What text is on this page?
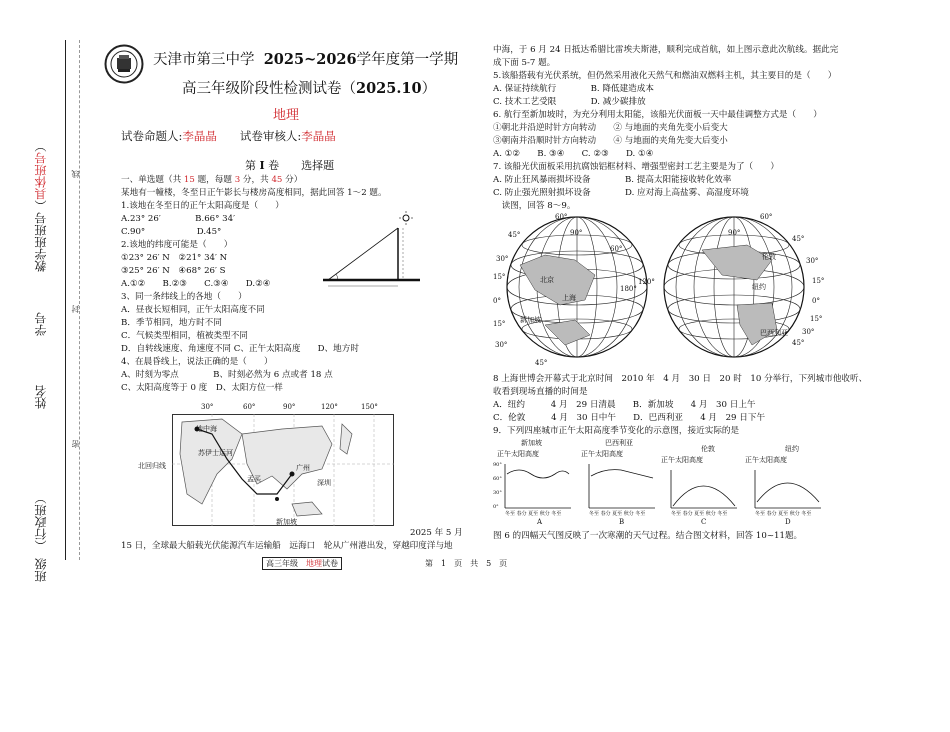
班级　（行政班）
姓名
学号
教学班班号（具体班号）
线
封
密
天津市第三中学 2025~2026学年度第一学期
高三年级阶段性检测试卷（2025.10）
地理
试卷命题人:李晶晶　　 试卷审核人:李晶晶
第 Ⅰ 卷　　 选择题
一、单选题（共 15 题，每题 3 分，共 45 分）
某地有一幢楼，冬至日正午影长与楼房高度相同，据此回答 1～2 题。
1.该地在冬至日的正午太阳高度是（　　）
A.23° 26′　　　　B.66° 34′
C.90°　　　　　　D.45°
2.该地的纬度可能是（　　）
①23° 26′ N　②21° 34′ N
③25° 26′ N　④68° 26′ S
A.①②　　B.②③　　C.③④　　D.②④
3、同一条纬线上的各地（　　）
A．昼夜长短相同，正午太阳高度不同
B．季节相同，地方时不同
C．气候类型相同，植被类型不同
D．自转线速度、角速度不同 C、正午太阳高度　　D、地方时
4、在晨昏线上，说法正确的是（　　）
A、时刻为零点　　　　B、时刻必然为 6 点或者 18 点
C、太阳高度等于 0 度　D、太阳方位一样
30°	60°	90°	120°	150°
地中海
苏伊士运河
北回归线	广州
深圳
孟买
新加坡
2025 年 5 月
15 日，全球最大船载光伏能源汽车运输船　远海口　轮从广州港出发，穿越印度洋与地
高三年级　 地理试卷	第　1　页　共　5　页
中海，于 6 月 24 日抵达希腊比雷埃夫斯港，顺利完成首航，如上图示意此次航线。据此完
成下面 5-7 题。
5.该船搭载有光伏系统，但仍然采用液化天然气和燃油双燃料主机，其主要目的是（　　）
A. 保证持续航行　　　　B. 降低建造成本
C. 技术工艺受限　　　　D. 减少碳排放
6. 航行至新加坡时，为充分利用太阳能，该船光伏面板一天中最佳调整方式是（　　）
①朝北并沿逆时针方向转动　　② 与地面的夹角先变小后变大
③朝南并沿顺时针方向转动　　④ 与地面的夹角先变大后变小
A. ①②　　B. ③④　　C. ②③　　D. ①④
7. 该船光伏面板采用抗腐蚀铝框材料、增强型密封工艺主要是为了（　　）
A. 防止狂风暴雨损坏设备　　　　B. 提高太阳能接收转化效率
C. 防止强光照射损坏设备　　　　D. 应对海上高盐雾、高湿度环境
　读图，回答 8～9。
60°
45°
30°
15°
0°
15°
30°
45°
90°
60°
120°
180°
北京
上海
新加坡
60°
45°
30°
15°
0°
15°
30°
45°
90°
伦敦
纽约
巴西利亚
8 上海世博会开幕式于北京时间　2010 年　4 月　30 日　20 时　10 分举行，下列城市他收听、
收看到现场直播的时间是
A．纽约　　　4 月　29 日清晨　　B．新加坡　　4 月　30 日上午
C．伦敦　　　4 月　30 日中午　　D．巴西利亚　　4 月　29 日下午
9．下列四座城市正午太阳高度季节变化的示意图，接近实际的是
新加坡	巴西利亚
伦敦	纽约
正午太阳高度	正午太阳高度
正午太阳高度	正午太阳高度
冬至 春分 夏至 秋分 冬至	冬至 春分 夏至 秋分 冬至	冬至 春分 夏至 秋分 冬至	冬至 春分 夏至 秋分 冬至
A	B	C	D
90°
60°
30°
0°
图 6 的四幅天气图反映了一次寒潮的天气过程。结合图文材料，回答 10~11题。
